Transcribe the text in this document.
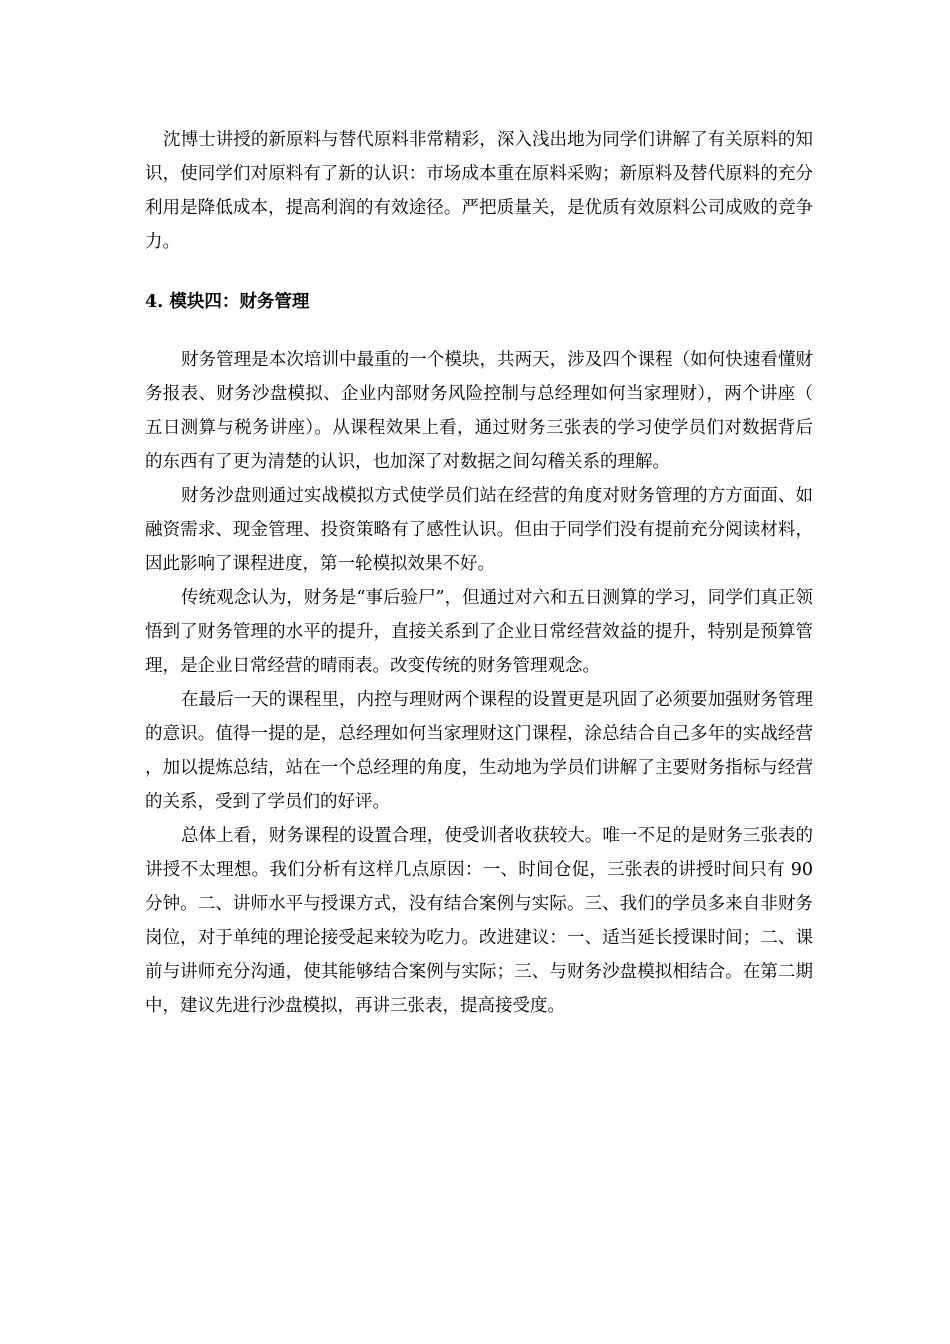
沈博士讲授的新原料与替代原料非常精彩，深入浅出地为同学们讲解了有关原料的知识，使同学们对原料有了新的认识：市场成本重在原料采购；新原料及替代原料的充分利用是降低成本，提高利润的有效途径。严把质量关，是优质有效原料公司成败的竞争力。

4. 模块四：财务管理

财务管理是本次培训中最重的一个模块，共两天，涉及四个课程（如何快速看懂财务报表、财务沙盘模拟、企业内部财务风险控制与总经理如何当家理财），两个讲座（五日测算与税务讲座）。从课程效果上看，通过财务三张表的学习使学员们对数据背后的东西有了更为清楚的认识，也加深了对数据之间勾稽关系的理解。

财务沙盘则通过实战模拟方式使学员们站在经营的角度对财务管理的方方面面、如融资需求、现金管理、投资策略有了感性认识。但由于同学们没有提前充分阅读材料，因此影响了课程进度，第一轮模拟效果不好。

传统观念认为，财务是“事后验尸”，但通过对六和五日测算的学习，同学们真正领悟到了财务管理的水平的提升，直接关系到了企业日常经营效益的提升，特别是预算管理，是企业日常经营的晴雨表。改变传统的财务管理观念。

在最后一天的课程里，内控与理财两个课程的设置更是巩固了必须要加强财务管理的意识。值得一提的是，总经理如何当家理财这门课程，涂总结合自己多年的实战经营，加以提炼总结，站在一个总经理的角度，生动地为学员们讲解了主要财务指标与经营的关系，受到了学员们的好评。

总体上看，财务课程的设置合理，使受训者收获较大。唯一不足的是财务三张表的讲授不太理想。我们分析有这样几点原因：一、时间仓促，三张表的讲授时间只有 90 分钟。二、讲师水平与授课方式，没有结合案例与实际。三、我们的学员多来自非财务岗位，对于单纯的理论接受起来较为吃力。改进建议：一、适当延长授课时间；二、课前与讲师充分沟通，使其能够结合案例与实际；三、与财务沙盘模拟相结合。在第二期中，建议先进行沙盘模拟，再讲三张表，提高接受度。
